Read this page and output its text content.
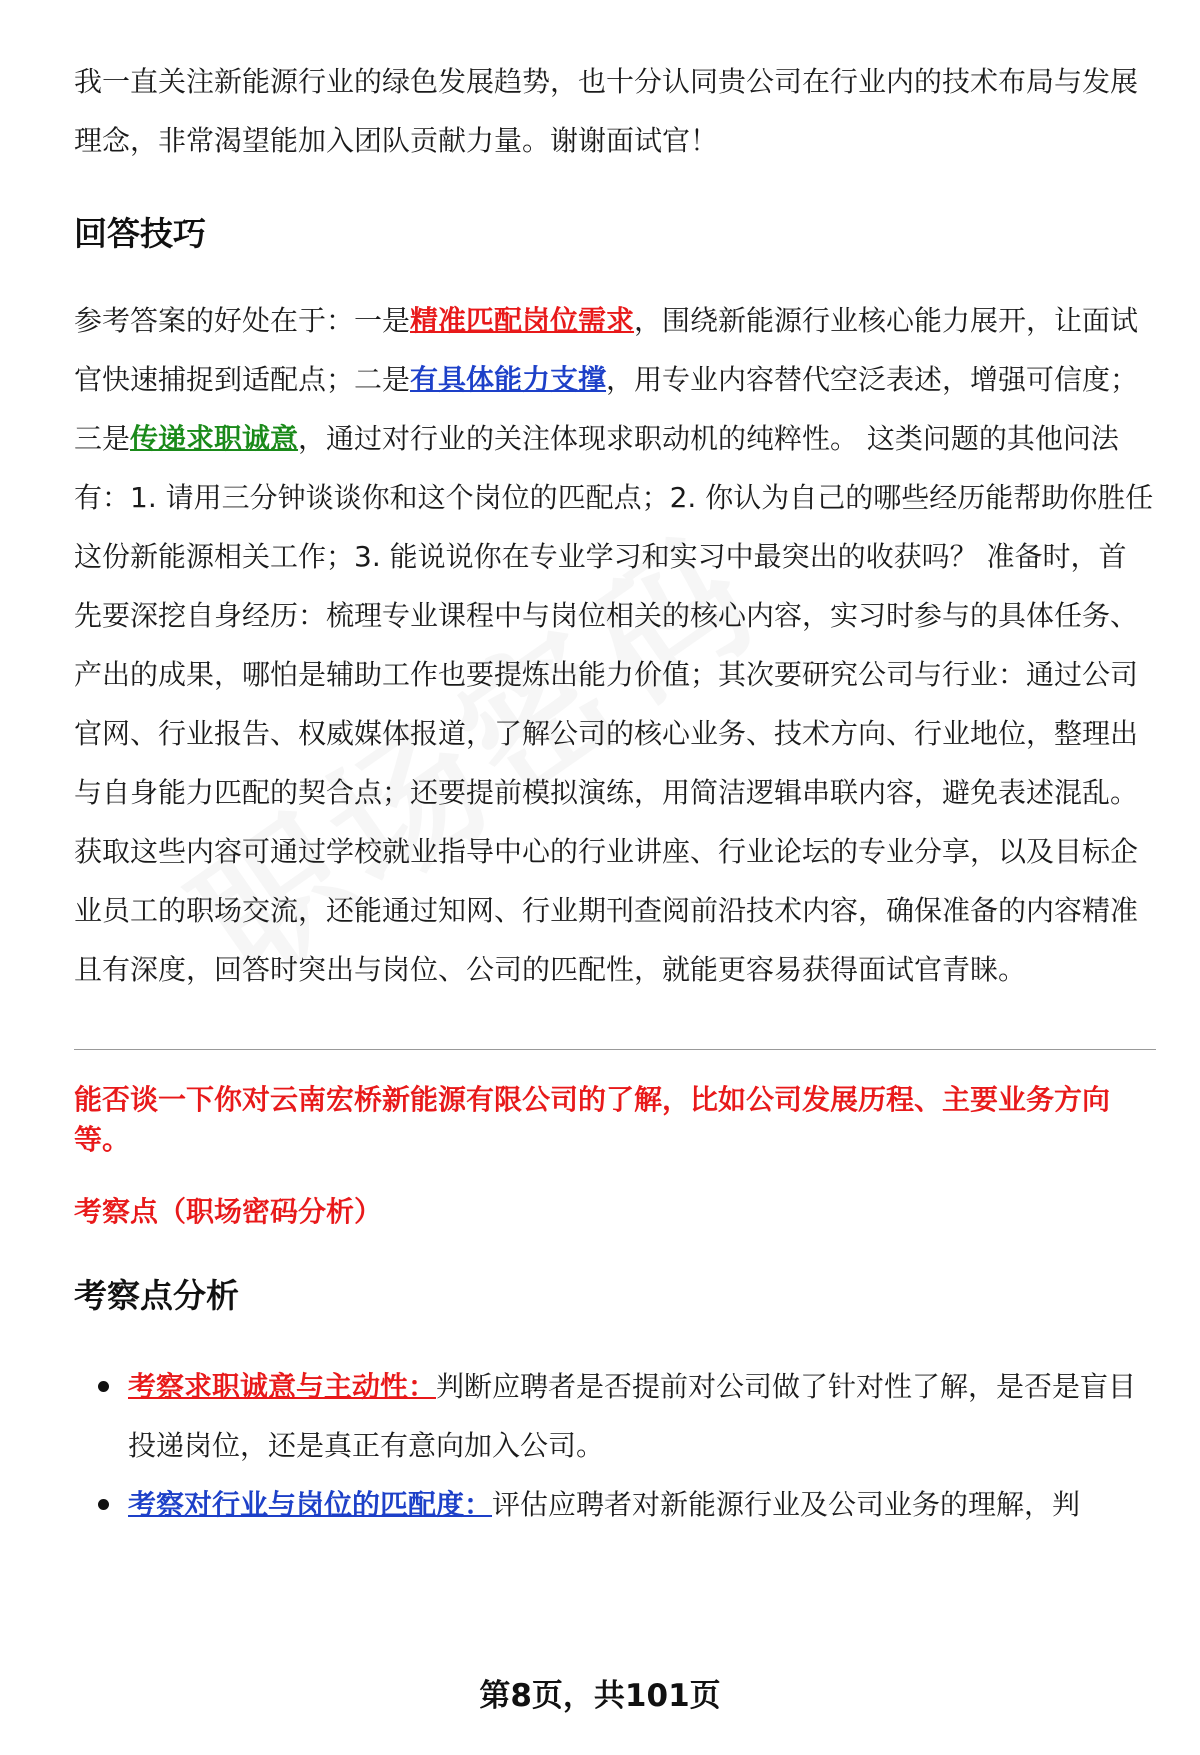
我一直关注新能源行业的绿色发展趋势，也十分认同贵公司在行业内的技术布局与发展理念，非常渴望能加入团队贡献力量。谢谢面试官！

回答技巧

参考答案的好处在于：一是精准匹配岗位需求，围绕新能源行业核心能力展开，让面试官快速捕捉到适配点；二是有具体能力支撑，用专业内容替代空泛表述，增强可信度；三是传递求职诚意，通过对行业的关注体现求职动机的纯粹性。 这类问题的其他问法有：1. 请用三分钟谈谈你和这个岗位的匹配点；2. 你认为自己的哪些经历能帮助你胜任这份新能源相关工作；3. 能说说你在专业学习和实习中最突出的收获吗？ 准备时，首先要深挖自身经历：梳理专业课程中与岗位相关的核心内容，实习时参与的具体任务、产出的成果，哪怕是辅助工作也要提炼出能力价值；其次要研究公司与行业：通过公司官网、行业报告、权威媒体报道，了解公司的核心业务、技术方向、行业地位，整理出与自身能力匹配的契合点；还要提前模拟演练，用简洁逻辑串联内容，避免表述混乱。获取这些内容可通过学校就业指导中心的行业讲座、行业论坛的专业分享，以及目标企业员工的职场交流，还能通过知网、行业期刊查阅前沿技术内容，确保准备的内容精准且有深度，回答时突出与岗位、公司的匹配性，就能更容易获得面试官青睐。

能否谈一下你对云南宏桥新能源有限公司的了解，比如公司发展历程、主要业务方向等。

考察点（职场密码分析）

考察点分析
考察求职诚意与主动性：判断应聘者是否提前对公司做了针对性了解，是否是盲目投递岗位，还是真正有意向加入公司。
考察对行业与岗位的匹配度：评估应聘者对新能源行业及公司业务的理解，判
第8页，共101页
